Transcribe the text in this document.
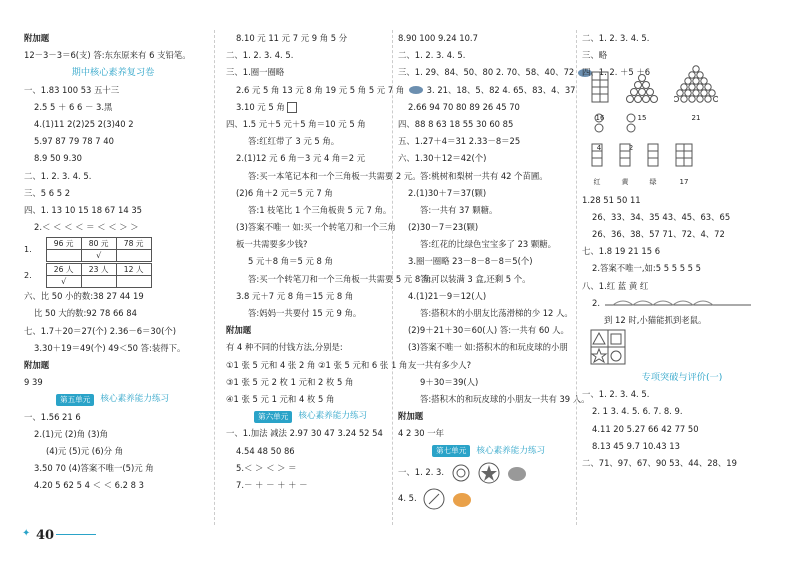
附加题
12－3－3＝6(支) 答:东东原来有 6 支铅笔。
期中核心素养复习卷
一、1.83 100 53 五十三
2.5 5 ＋ 6 6 － 3.黑
4.(1)11 2(2)25 2(3)40 2
5.97 87 79 78 7 40
8.9 50 9.30
二、1. 2. 3. 4. 5.
三、5 6 5 2
四、1. 13 10 15 18 67 14 35
2.＜ ＜ ＜ ＜ ＝ ＜ ＜ ＞ ＞
1.
96 元	80 元	78 元
	√	
2.
26 人	23 人	12 人
√		
六、比 50 小的数:38 27 44 19
比 50 大的数:92 78 66 84
七、1.7＋20＝27(个) 2.36－6＝30(个)
3.30＋19＝49(个) 49＜50 答:装得下。
附加题
9 39
第五单元	核心素养能力练习
一、1.56 21 6
2.(1)元 (2)角 (3)角
(4)元 (5)元 (6)分 角
3.50 70 (4)答案不唯一(5)元 角
4.20 5 62 5 4 ＜ ＜ 6.2 8 3
8.10 元 11 元 7 元 9 角 5 分
二、1. 2. 3. 4. 5.
三、1.圈一圈略
2.6 元 5 角 13 元 8 角 19 元 5 角 5 元 7 角
3.10 元 5 角
四、1.5 元＋5 元＋5 角＝10 元 5 角
答:红红带了 3 元 5 角。
2.(1)12 元 6 角－3 元 4 角＝2 元
答:买一本笔记本和一个三角板一共需要 2 元。
(2)6 角＋2 元＝5 元 7 角
答:1 枝笔比 1 个三角板贵 5 元 7 角。
(3)答案不唯一 如:买一个转笔刀和一个三角板一共需要多少钱?
5 元＋8 角＝5 元 8 角
答:买一个转笔刀和一个三角板一共需要 5 元 8 角。
3.8 元＋7 元 8 角＝15 元 8 角
答:妈妈一共要付 15 元 9 角。
附加题
有 4 种不同的付钱方法,分别是:
①1 张 5 元和 4 张 2 角 ②1 张 5 元和 6 张 1 角
③1 张 5 元 2 枚 1 元和 2 枚 5 角
④1 张 5 元 1 元和 4 枚 5 角
第六单元	核心素养能力练习
一、1.加法 减法 2.97 30 47 3.24 52 54
4.54 48 50 86
5.＜ ＞ ＜ ＞ ＝
7.－ ＋ － ＋ ＋ －
8.90 100 9.24 10.7
二、1. 2. 3. 4. 5.
三、1. 29、84、50、80 2. 70、58、40、72
3. 21、18、5、82 4. 65、83、4、37
2.66 94 70 80 89 26 45 70
四、88 8 63 18 55 30 60 85
五、1.27＋4＝31 2.33－8＝25
六、1.30＋12＝42(个)
答:桃树和梨树一共有 42 个苗圃。
2.(1)30＋7＝37(颗)
答:一共有 37 颗糖。
(2)30－7＝23(颗)
答:红花的比绿色宝宝多了 23 颗糖。
3.圈一圈略 23－8－8－8＝5(个)
答:可以装满 3 盒,还剩 5 个。
4.(1)21－9＝12(人)
答:搭积木的小朋友比荡滑梯的少 12 人。
(2)9＋21＋30＝60(人) 答:一共有 60 人。
(3)答案不唯一 如:搭积木的和玩皮球的小朋友一共有多少人?
9＋30＝39(人)
答:搭积木的和玩皮球的小朋友一共有 39 人。
附加题
4 2 30 一年
第七单元	核心素养能力练习
一、1. 2. 3.
4. 5.
二、1. 2. 3. 4. 5.
三、略
四、1. 2. ＋5 ＋6
16	15	21
4	2
红	黄	绿	17
1.28 51 50 11
26、33、34、35 43、45、63、65
26、36、38、57 71、72、4、72
七、1.8 19 21 15 6
2.答案不唯一,如:5 5 5 5 5 5
八、1.红 蓝 黄 红
2.
到 12 时,小猫能抓到老鼠。
专项突破与评价(一)
一、1. 2. 3. 4. 5.
2. 1 3. 4. 5. 6. 7. 8. 9.
4.11 20 5.27 66 42 77 50
8.13 45 9.7 10.43 13
二、71、97、67、90 53、44、28、19
✦ 40
